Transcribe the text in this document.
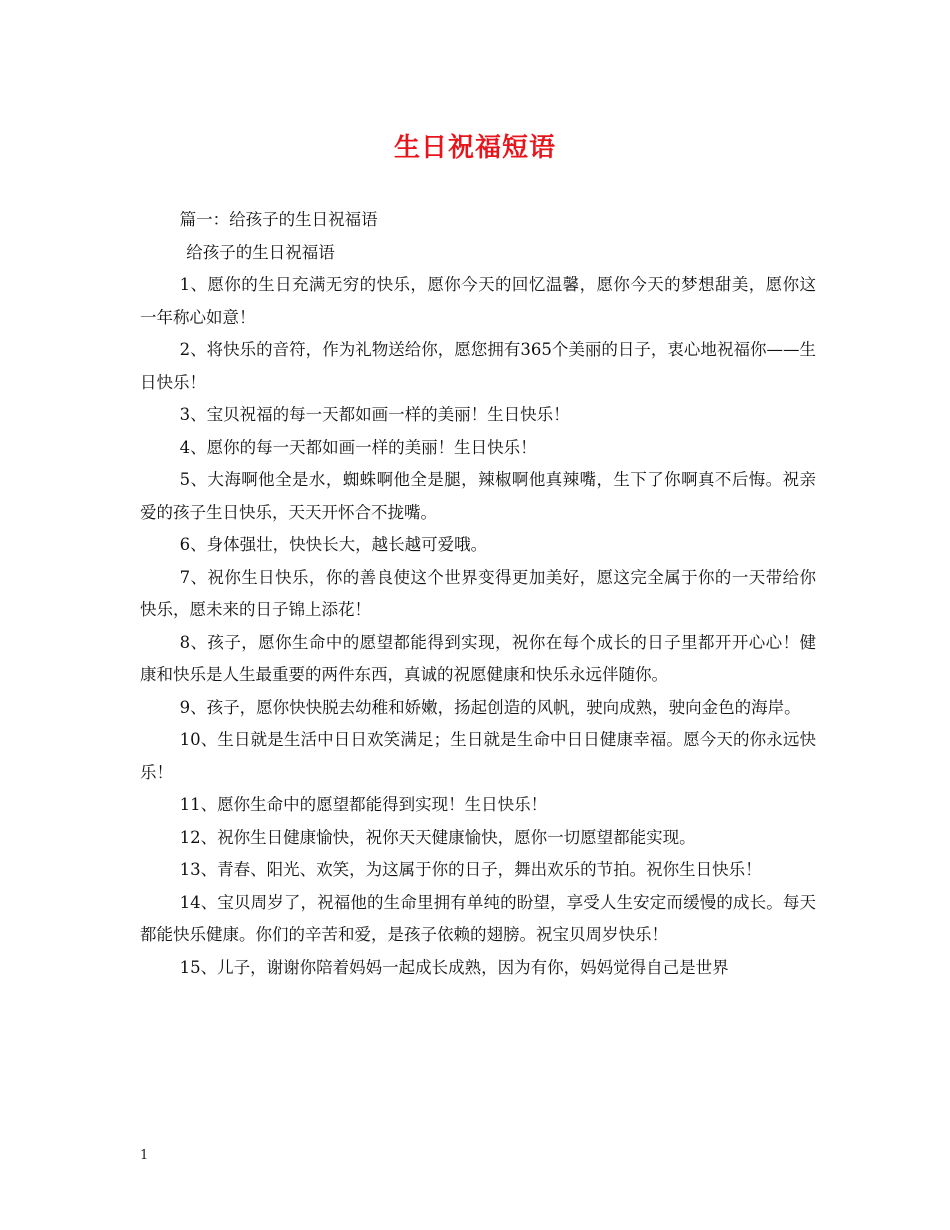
生日祝福短语

篇一：给孩子的生日祝福语

给孩子的生日祝福语

1、愿你的生日充满无穷的快乐，愿你今天的回忆温馨，愿你今天的梦想甜美，愿你这一年称心如意！

2、将快乐的音符，作为礼物送给你，愿您拥有365个美丽的日子，衷心地祝福你——生日快乐！

3、宝贝祝福的每一天都如画一样的美丽！生日快乐！

4、愿你的每一天都如画一样的美丽！生日快乐！

5、大海啊他全是水，蜘蛛啊他全是腿，辣椒啊他真辣嘴，生下了你啊真不后悔。祝亲爱的孩子生日快乐，天天开怀合不拢嘴。

6、身体强壮，快快长大，越长越可爱哦。

7、祝你生日快乐，你的善良使这个世界变得更加美好，愿这完全属于你的一天带给你快乐，愿未来的日子锦上添花！

8、孩子，愿你生命中的愿望都能得到实现，祝你在每个成长的日子里都开开心心！健康和快乐是人生最重要的两件东西，真诚的祝愿健康和快乐永远伴随你。

9、孩子，愿你快快脱去幼稚和娇嫩，扬起创造的风帆，驶向成熟，驶向金色的海岸。

10、生日就是生活中日日欢笑满足；生日就是生命中日日健康幸福。愿今天的你永远快乐！

11、愿你生命中的愿望都能得到实现！生日快乐！

12、祝你生日健康愉快，祝你天天健康愉快，愿你一切愿望都能实现。

13、青春、阳光、欢笑，为这属于你的日子，舞出欢乐的节拍。祝你生日快乐！

14、宝贝周岁了，祝福他的生命里拥有单纯的盼望，享受人生安定而缓慢的成长。每天都能快乐健康。你们的辛苦和爱，是孩子依赖的翅膀。祝宝贝周岁快乐！

15、儿子，谢谢你陪着妈妈一起成长成熟，因为有你，妈妈觉得自己是世界

1
